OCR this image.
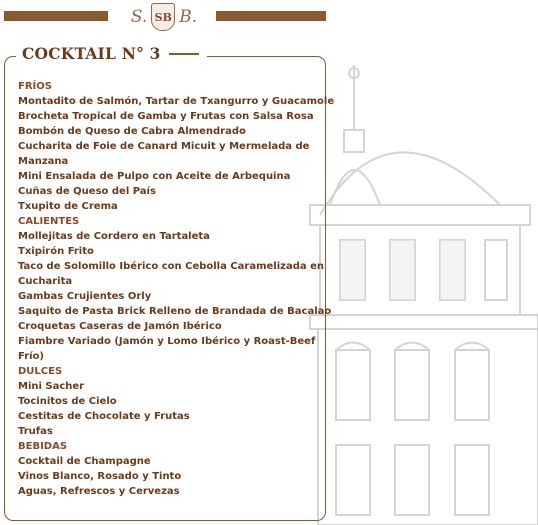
S. SB B.
COCKTAIL N° 3
FRÍOS
Montadito de Salmón, Tartar de Txangurro y Guacamole
Brocheta Tropical de Gamba y Frutas con Salsa Rosa
Bombón de Queso de Cabra Almendrado
Cucharita de Foie de Canard Micuit y Mermelada de
Manzana
Mini Ensalada de Pulpo con Aceite de Arbequina
Cuñas de Queso del País
Txupito de Crema
CALIENTES
Mollejitas de Cordero en Tartaleta
Txipirón Frito
Taco de Solomillo Ibérico con Cebolla Caramelizada en
Cucharita
Gambas Crujientes Orly
Saquito de Pasta Brick Relleno de Brandada de Bacalao
Croquetas Caseras de Jamón Ibérico
Fiambre Variado (Jamón y Lomo Ibérico y Roast-Beef
Frío)
DULCES
Mini Sacher
Tocinitos de Cielo
Cestitas de Chocolate y Frutas
Trufas
BEBIDAS
Cocktail de Champagne
Vinos Blanco, Rosado y Tinto
Aguas, Refrescos y Cervezas
